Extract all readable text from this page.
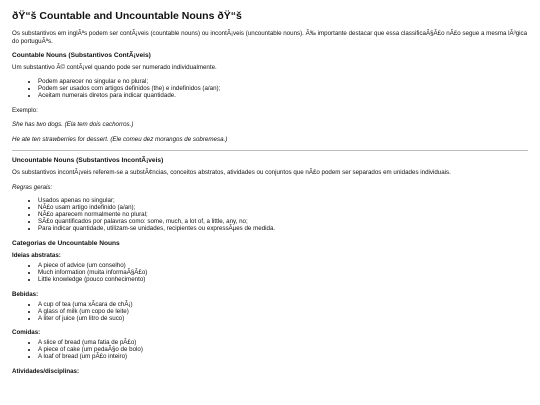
ðŸ“š Countable and Uncountable Nouns ðŸ“š

Os substantivos em inglÃªs podem ser contÃ¡veis (countable nouns) ou incontÃ¡veis (uncountable nouns). Ã‰ importante destacar que essa classificaÃ§Ã£o nÃ£o segue a mesma lÃ³gica do portuguÃªs.

Countable Nouns (Substantivos ContÃ¡veis)

Um substantivo Ã© contÃ¡vel quando pode ser numerado individualmente.

• Podem aparecer no singular e no plural;
• Podem ser usados com artigos definidos (the) e indefinidos (a/an);
• Aceitam numerais diretos para indicar quantidade.

Exemplo:

She has two dogs. (Ela tem dois cachorros.)

He ate ten strawberries for dessert. (Ele comeu dez morangos de sobremesa.)

Uncountable Nouns (Substantivos IncontÃ¡veis)

Os substantivos incontÃ¡veis referem-se a substÃ¢ncias, conceitos abstratos, atividades ou conjuntos que nÃ£o podem ser separados em unidades individuais.

Regras gerais:

• Usados apenas no singular;
• NÃ£o usam artigo indefinido (a/an);
• NÃ£o aparecem normalmente no plural;
• SÃ£o quantificados por palavras como: some, much, a lot of, a little, any, no;
• Para indicar quantidade, utilizam-se unidades, recipientes ou expressÃµes de medida.
Categorias de Uncountable Nouns
Ideias abstratas:
• A piece of advice (um conselho)
• Much information (muita informaÃ§Ã£o)
• Little knowledge (pouco conhecimento)
Bebidas:
• A cup of tea (uma xÃcara de chÃ¡)
• A glass of milk (um copo de leite)
• A liter of juice (um litro de suco)
Comidas:
• A slice of bread (uma fatia de pÃ£o)
• A piece of cake (um pedaÃ§o de bolo)
• A loaf of bread (um pÃ£o inteiro)
Atividades/disciplinas:
